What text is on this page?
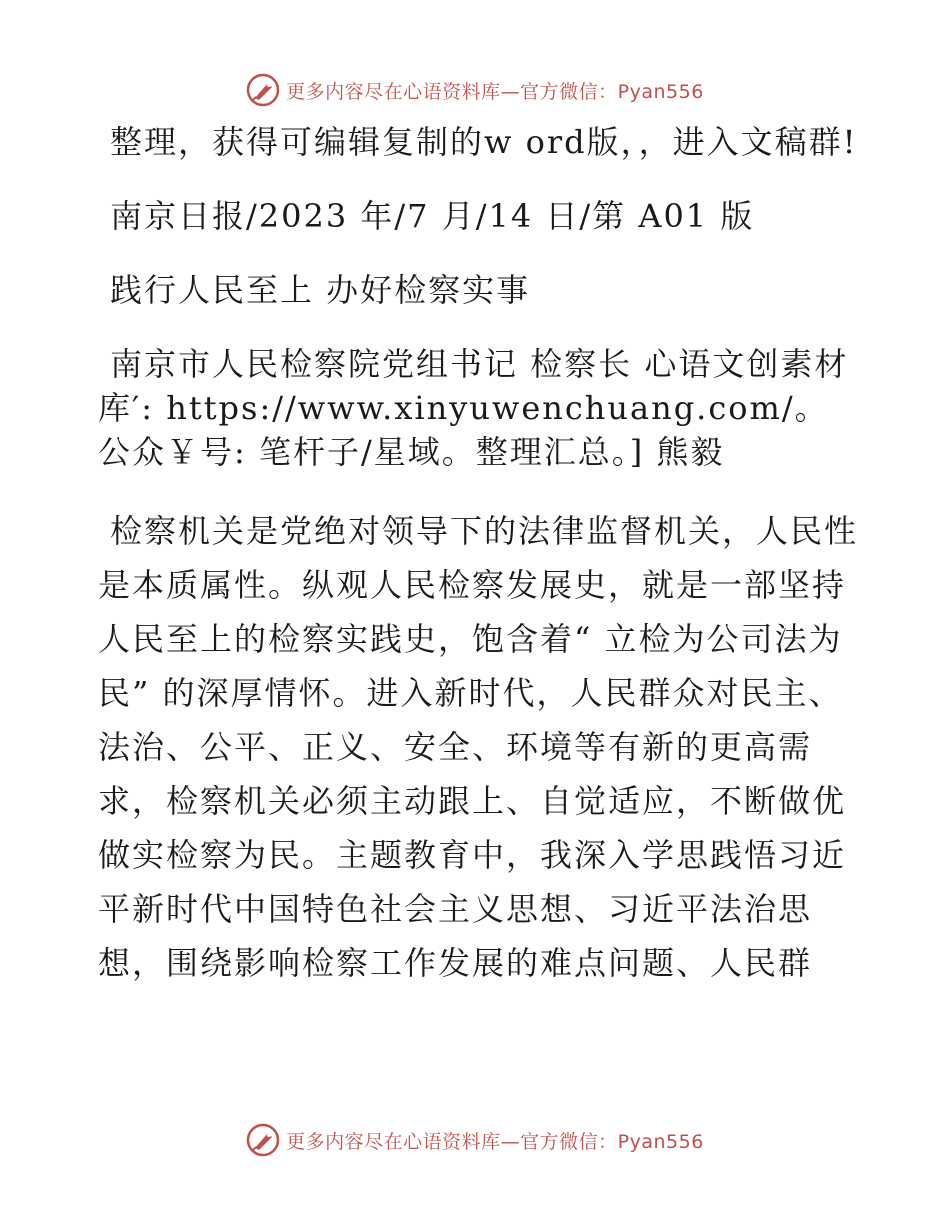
更多内容尽在心语资料库—官方微信：Pyan556

整理，获得可编辑复制的w ord版，，进入文稿群!

南京日报/2023 年/7 月/14 日/第 A01 版

践行人民至上 办好检察实事

南京市人民检察院党组书记 检察长 心语文创素材库′: https://www.xinyuwenchuang.com/。公众￥号: 笔杆子/星域。整理汇总。] 熊毅

检察机关是党绝对领导下的法律监督机关，人民性是本质属性。纵观人民检察发展史，就是一部坚持人民至上的检察实践史，饱含着“ 立检为公司法为民” 的深厚情怀。进入新时代，人民群众对民主、法治、公平、正义、安全、环境等有新的更高需求，检察机关必须主动跟上、自觉适应，不断做优做实检察为民。主题教育中，我深入学思践悟习近平新时代中国特色社会主义思想、习近平法治思想，围绕影响检察工作发展的难点问题、人民群

更多内容尽在心语资料库—官方微信：Pyan556
